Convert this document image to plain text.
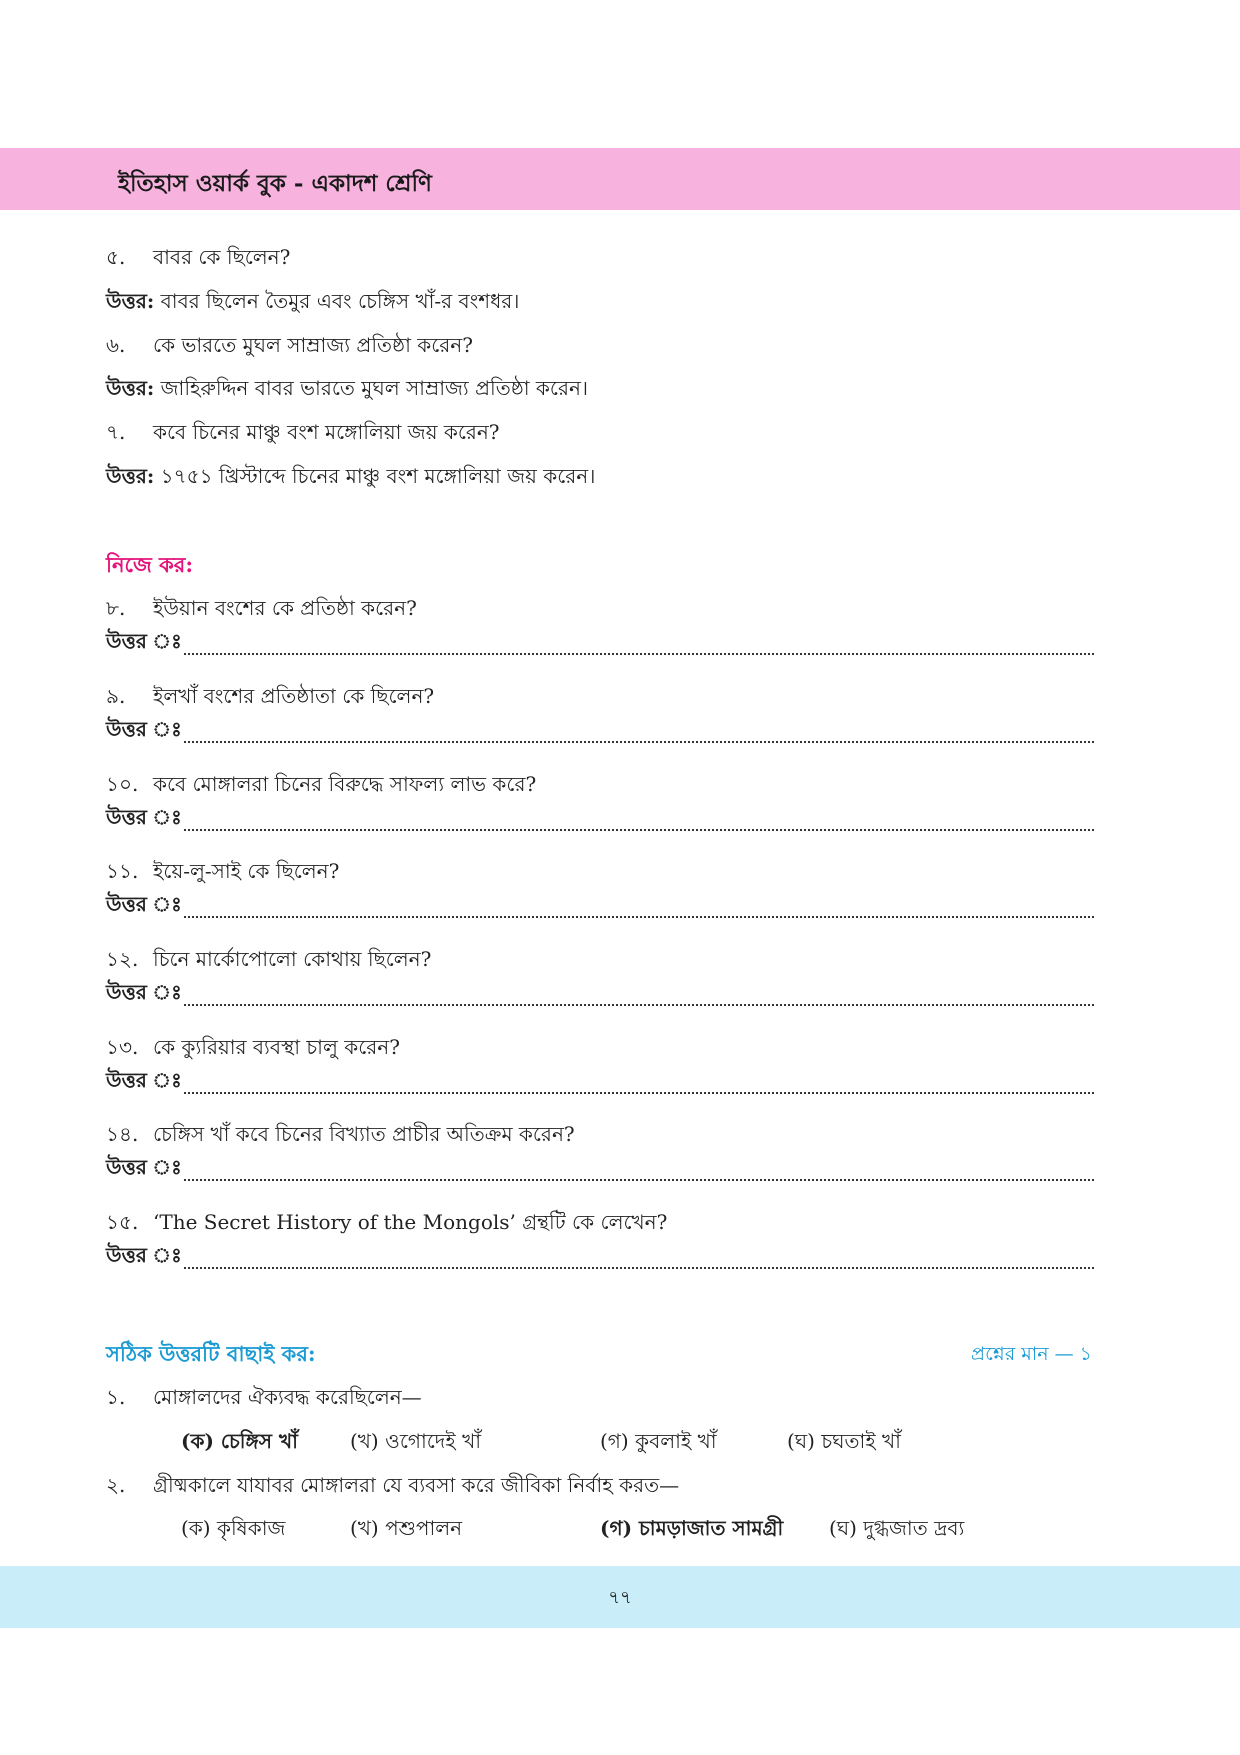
ইতিহাস ওয়ার্ক বুক - একাদশ শ্রেণি
৫. বাবর কে ছিলেন?
উত্তর: বাবর ছিলেন তৈমুর এবং চেঙ্গিস খাঁ-র বংশধর।
৬. কে ভারতে মুঘল সাম্রাজ্য প্রতিষ্ঠা করেন?
উত্তর: জাহিরুদ্দিন বাবর ভারতে মুঘল সাম্রাজ্য প্রতিষ্ঠা করেন।
৭. কবে চিনের মাঞ্চু বংশ মঙ্গোলিয়া জয় করেন?
উত্তর: ১৭৫১ খ্রিস্টাব্দে চিনের মাঞ্চু বংশ মঙ্গোলিয়া জয় করেন।
নিজে কর:
৮. ইউয়ান বংশের কে প্রতিষ্ঠা করেন?
উত্তর ঃ
৯. ইলখাঁ বংশের প্রতিষ্ঠাতা কে ছিলেন?
উত্তর ঃ
১০. কবে মোঙ্গালরা চিনের বিরুদ্ধে সাফল্য লাভ করে?
উত্তর ঃ
১১. ইয়ে-লু-সাই কে ছিলেন?
উত্তর ঃ
১২. চিনে মার্কোপোলো কোথায় ছিলেন?
উত্তর ঃ
১৩. কে ক্যুরিয়ার ব্যবস্থা চালু করেন?
উত্তর ঃ
১৪. চেঙ্গিস খাঁ কবে চিনের বিখ্যাত প্রাচীর অতিক্রম করেন?
উত্তর ঃ
১৫. ‘The Secret History of the Mongols’ গ্রন্থটি কে লেখেন?
উত্তর ঃ
সঠিক উত্তরটি বাছাই কর:	প্রশ্নের মান — ১
১. মোঙ্গালদের ঐক্যবদ্ধ করেছিলেন—
(ক) চেঙ্গিস খাঁ	(খ) ওগোদেই খাঁ	(গ) কুবলাই খাঁ	(ঘ) চঘতাই খাঁ
২. গ্রীষ্মকালে যাযাবর মোঙ্গালরা যে ব্যবসা করে জীবিকা নির্বাহ করত—
(ক) কৃষিকাজ	(খ) পশুপালন	(গ) চামড়াজাত সামগ্রী (ঘ) দুগ্ধজাত দ্রব্য
৭৭
